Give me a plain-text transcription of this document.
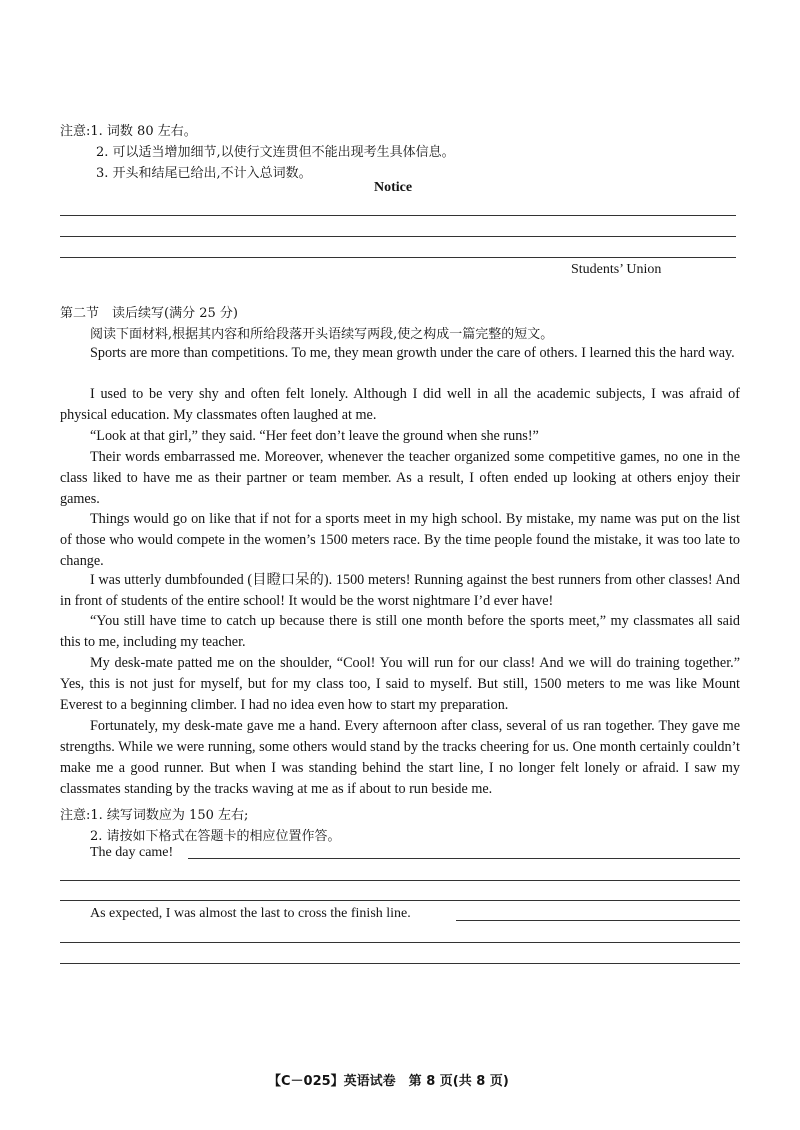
注意:1. 词数 80 左右。
2. 可以适当增加细节,以使行文连贯但不能出现考生具体信息。
3. 开头和结尾已给出,不计入总词数。
Notice
Students’ Union
第二节　读后续写(满分 25 分)
阅读下面材料,根据其内容和所给段落开头语续写两段,使之构成一篇完整的短文。

Sports are more than competitions. To me, they mean growth under the care of others. I learned this the hard way.

I used to be very shy and often felt lonely. Although I did well in all the academic subjects, I was afraid of physical education. My classmates often laughed at me.

“Look at that girl,” they said. “Her feet don’t leave the ground when she runs!”

Their words embarrassed me. Moreover, whenever the teacher organized some competitive games, no one in the class liked to have me as their partner or team member. As a result, I often ended up looking at others enjoy their games.

Things would go on like that if not for a sports meet in my high school. By mistake, my name was put on the list of those who would compete in the women’s 1500 meters race. By the time people found the mistake, it was too late to change.

I was utterly dumbfounded (目瞪口呆的). 1500 meters! Running against the best runners from other classes! And in front of students of the entire school! It would be the worst nightmare I’d ever have!

“You still have time to catch up because there is still one month before the sports meet,” my classmates all said this to me, including my teacher.

My desk-mate patted me on the shoulder, “Cool! You will run for our class! And we will do training together.” Yes, this is not just for myself, but for my class too, I said to myself. But still, 1500 meters to me was like Mount Everest to a beginning climber. I had no idea even how to start my preparation.

Fortunately, my desk-mate gave me a hand. Every afternoon after class, several of us ran together. They gave me strengths. While we were running, some others would stand by the tracks cheering for us. One month certainly couldn’t make me a good runner. But when I was standing behind the start line, I no longer felt lonely or afraid. I saw my classmates standing by the tracks waving at me as if about to run beside me.

注意:1. 续写词数应为 150 左右;
2. 请按如下格式在答题卡的相应位置作答。
The day came!
As expected, I was almost the last to cross the finish line.
【C－025】英语试卷　第 8 页(共 8 页)
